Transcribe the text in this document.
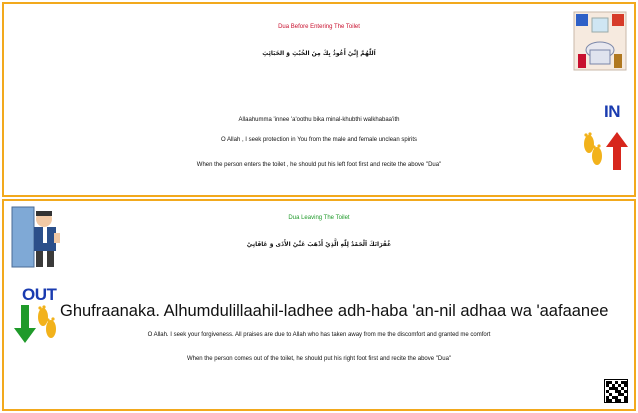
Dua Before Entering The Toilet
اَللّٰهُمَّ إِنِّيْ أَعُوذُ بِكَ مِنَ الخُبُثِ وَ الخَبَائِثِ
Allaahumma 'innee 'a'oothu bika minal-khubthi walkhabaa'ith
O Allah , I seek protection in You from the male and female unclean spirits
When the person enters the toilet , he should put his left foot first and recite the above "Dua"
IN
Dua Leaving The Toilet
غُفْرَانَكَ اَلْحَمْدُ لِلّٰهِ الَّذِيْ أَذْهَبَ عَنِّيْ الأَذَى وَ عَافَانِيْ
OUT
Ghufraanaka. Alhumdulillaahil-ladhee adh-haba 'an-nil adhaa wa 'aafaanee
O Allah. I seek your forgiveness. All praises are due to Allah who has taken away from me the discomfort and granted me comfort
When the person comes out of the toilet, he should put his right foot first and recite the above "Dua"
